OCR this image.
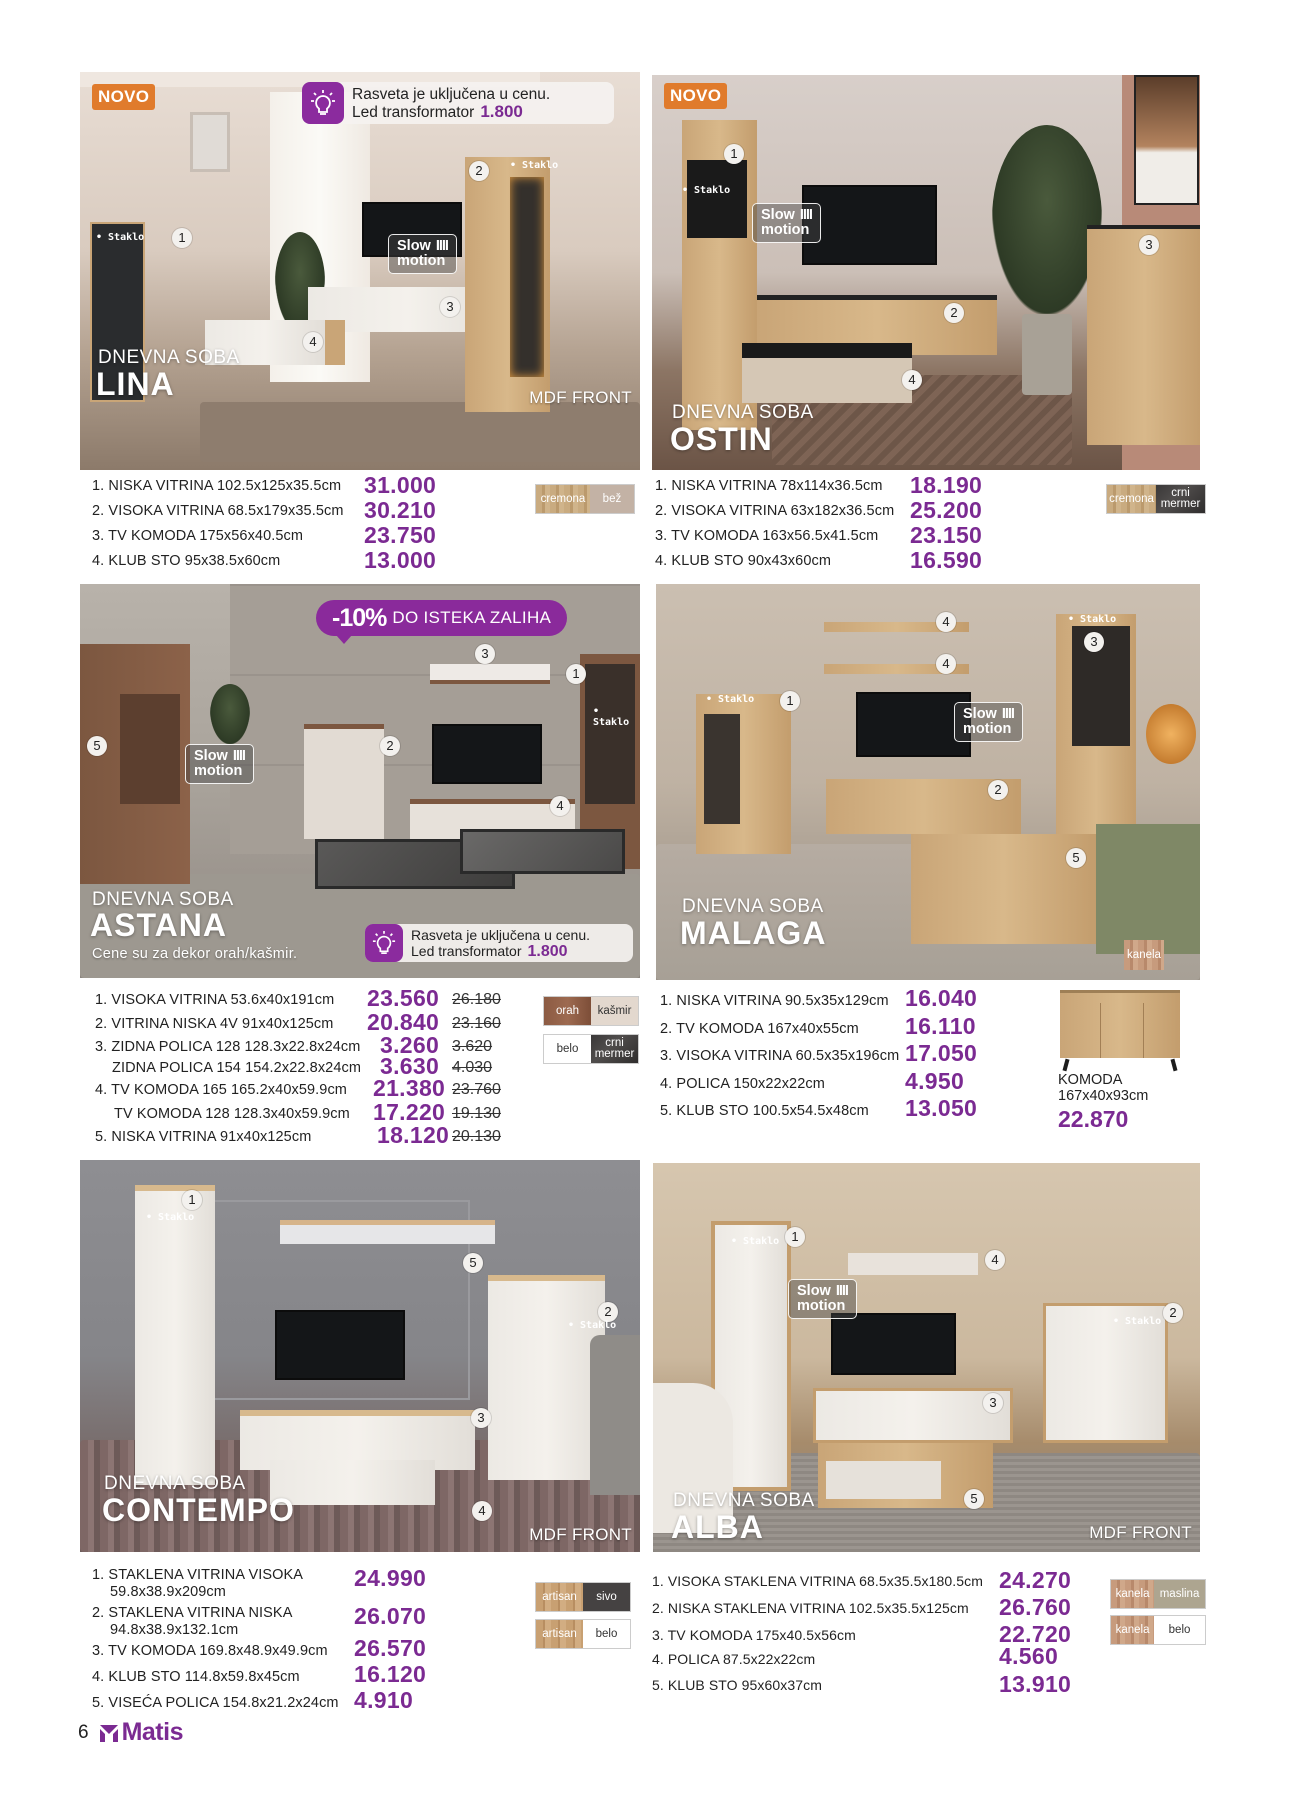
NOVO	Rasveta je uključena u cenu.
Led transformator 1.800
• Staklo	1
• Staklo
2
3
4
Slow IIII
motion
DNEVNA SOBA
LINA	MDF FRONT
1. NISKA VITRINA 102.5x125x35.5cm 31.000
2. VISOKA VITRINA 68.5x179x35.5cm 30.210
3. TV KOMODA 175x56x40.5cm	23.750
4. KLUB STO 95x38.5x60cm	13.000
cremona	bež
NOVO
1
• Staklo
Slow IIII
motion
2
3
4
DNEVNA SOBA
OSTIN
1. NISKA VITRINA 78x114x36.5cm 18.190
2. VISOKA VITRINA 63x182x36.5cm 25.200
3. TV KOMODA 163x56.5x41.5cm 23.150
4. KLUB STO 90x43x60cm	16.590
cremona	crni mermer
-10% DO ISTEKA ZALIHA
3
1
• Staklo
5	2
4
Slow IIII
motion
DNEVNA SOBA
ASTANA
Cene su za dekor orah/kašmir.
Rasveta je uključena u cenu.
Led transformator 1.800
1. VISOKA VITRINA 53.6x40x191cm 23.560 26.180
2. VITRINA NISKA 4V 91x40x125cm 20.840 23.160
3. ZIDNA POLICA 128 128.3x22.8x24cm 3.260 3.620
ZIDNA POLICA 154 154.2x22.8x24cm 3.630 4.030
4. TV KOMODA 165 165.2x40x59.9cm 21.380 23.760
TV KOMODA 128 128.3x40x59.9cm 17.220 19.130
5. NISKA VITRINA 91x40x125cm	18.120 20.130
orah	kašmir
belo	crni mermer
4
4
• Staklo
3
• Staklo	1
Slow IIII
motion
2
5
DNEVNA SOBA
MALAGA
kanela
1. NISKA VITRINA 90.5x35x129cm 16.040
2. TV KOMODA 167x40x55cm 16.110
3. VISOKA VITRINA 60.5x35x196cm 17.050
4. POLICA 150x22x22cm	4.950
5. KLUB STO 100.5x54.5x48cm 13.050
KOMODA
167x40x93cm
22.870
1
• Staklo
5
2
• Staklo
3
4
DNEVNA SOBA
CONTEMPO
MDF FRONT
1. STAKLENA VITRINA VISOKA
59.8x38.9x209cm
24.990
2. STAKLENA VITRINA NISKA
94.8x38.9x132.1cm
26.070
3. TV KOMODA 169.8x48.9x49.9cm 26.570
4. KLUB STO 114.8x59.8x45cm 16.120
5. VISEĆA POLICA 154.8x21.2x24cm 4.910
artisan	sivo
artisan	belo
• Staklo 1
Slow IIII
motion
4
2
• Staklo
3
5
DNEVNA SOBA
ALBA	MDF FRONT
1. VISOKA STAKLENA VITRINA 68.5x35.5x180.5cm 24.270
2. NISKA STAKLENA VITRINA 102.5x35.5x125cm 26.760
3. TV KOMODA 175x40.5x56cm	22.720
4. POLICA 87.5x22x22cm	4.560
5. KLUB STO 95x60x37cm	13.910
kanela maslina
kanela	belo
6 Matis
